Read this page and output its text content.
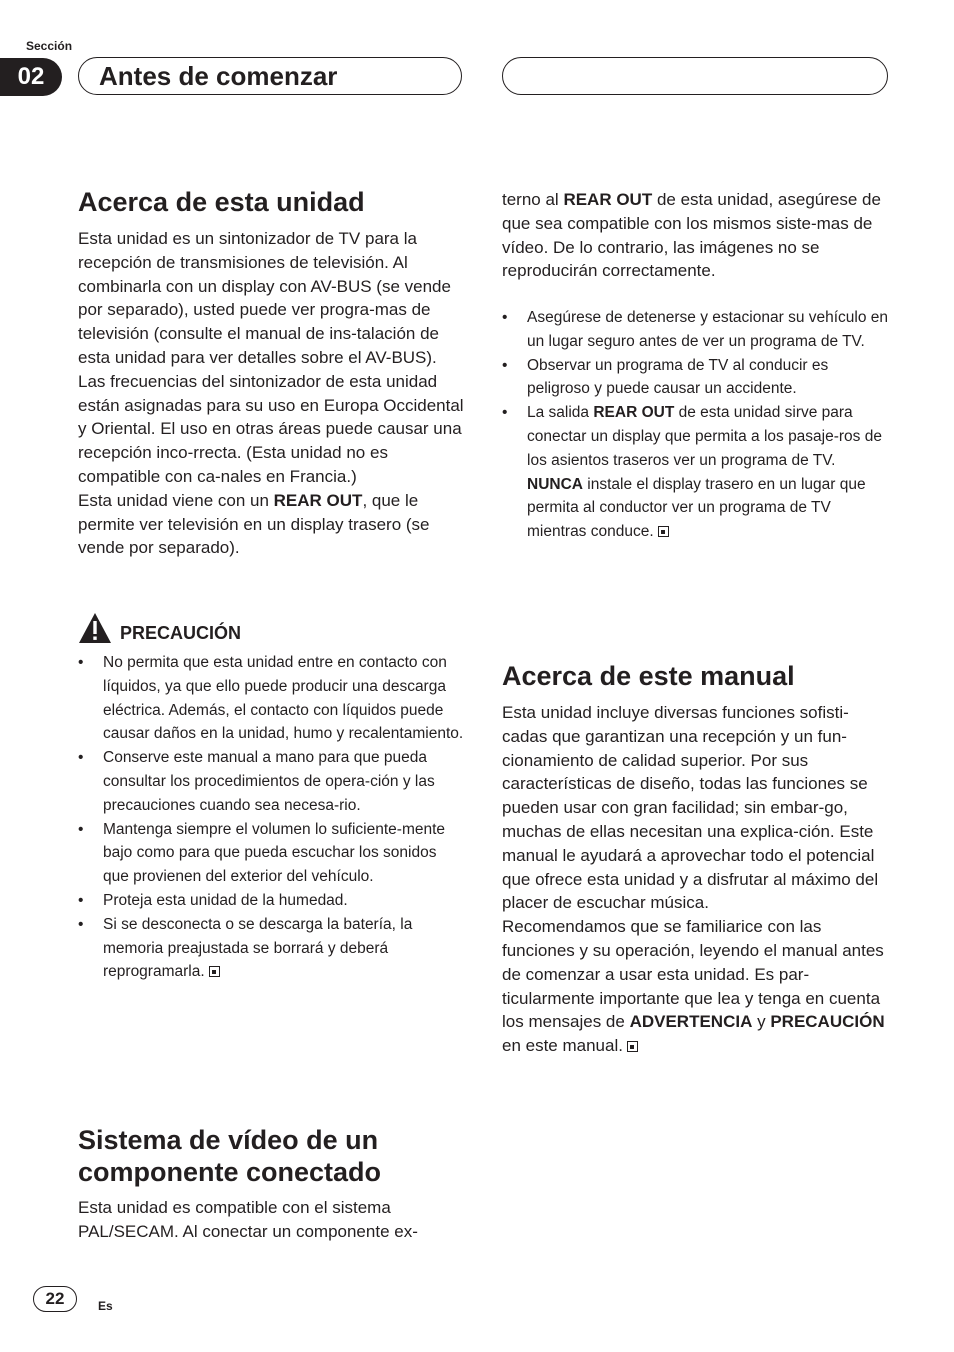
Sección
02	Antes de comenzar
Acerca de esta unidad

Esta unidad es un sintonizador de TV para la recepción de transmisiones de televisión. Al combinarla con un display con AV-BUS (se vende por separado), usted puede ver progra-mas de televisión (consulte el manual de ins-talación de esta unidad para ver detalles sobre el AV-BUS). Las frecuencias del sintonizador de esta unidad están asignadas para su uso en Europa Occidental y Oriental. El uso en otras áreas puede causar una recepción inco-rrecta. (Esta unidad no es compatible con ca-nales en Francia.)

Esta unidad viene con un REAR OUT, que le permite ver televisión en un display trasero (se vende por separado).

PRECAUCIÓN
• No permita que esta unidad entre en contacto con líquidos, ya que ello puede producir una descarga eléctrica. Además, el contacto con líquidos puede causar daños en la unidad, humo y recalentamiento.
• Conserve este manual a mano para que pueda consultar los procedimientos de opera-ción y las precauciones cuando sea necesa-rio.
• Mantenga siempre el volumen lo suficiente-mente bajo como para que pueda escuchar los sonidos que provienen del exterior del vehículo.
• Proteja esta unidad de la humedad.
• Si se desconecta o se descarga la batería, la memoria preajustada se borrará y deberá reprogramarla.
Sistema de vídeo de un componente conectado

Esta unidad es compatible con el sistema PAL/SECAM. Al conectar un componente ex-

terno al REAR OUT de esta unidad, asegúrese de que sea compatible con los mismos siste-mas de vídeo. De lo contrario, las imágenes no se reproducirán correctamente.

• Asegúrese de detenerse y estacionar su vehículo en un lugar seguro antes de ver un programa de TV.
• Observar un programa de TV al conducir es peligroso y puede causar un accidente.
• La salida REAR OUT de esta unidad sirve para conectar un display que permita a los pasaje-ros de los asientos traseros ver un programa de TV.
NUNCA instale el display trasero en un lugar que permita al conductor ver un programa de TV mientras conduce.
Acerca de este manual

Esta unidad incluye diversas funciones sofisti-cadas que garantizan una recepción y un fun-cionamiento de calidad superior. Por sus características de diseño, todas las funciones se pueden usar con gran facilidad; sin embar-go, muchas de ellas necesitan una explica-ción. Este manual le ayudará a aprovechar todo el potencial que ofrece esta unidad y a disfrutar al máximo del placer de escuchar música.

Recomendamos que se familiarice con las funciones y su operación, leyendo el manual antes de comenzar a usar esta unidad. Es par-ticularmente importante que lea y tenga en cuenta los mensajes de ADVERTENCIA y PRECAUCIÓN en este manual.

22	Es
